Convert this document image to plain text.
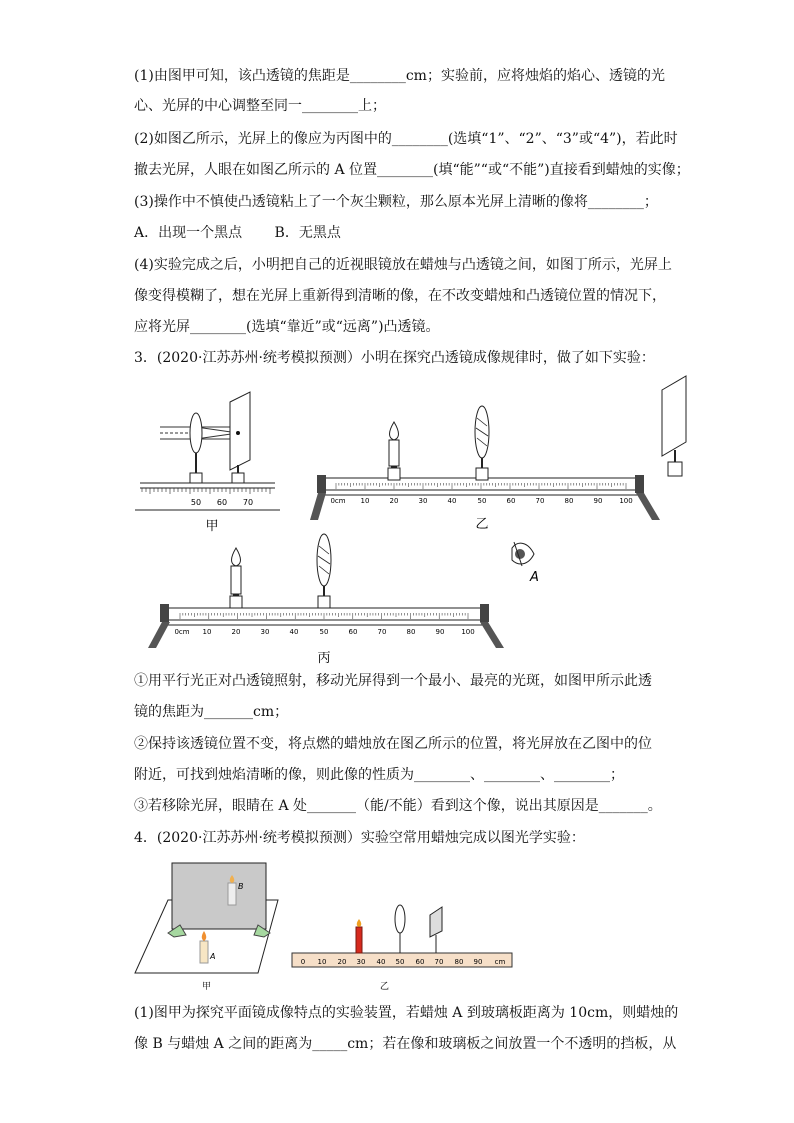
(1)由图甲可知，该凸透镜的焦距是________cm；实验前，应将烛焰的焰心、透镜的光
心、光屏的中心调整至同一________上；
(2)如图乙所示，光屏上的像应为丙图中的________(选填“1”、“2”、“3”或“4”)，若此时
撤去光屏，人眼在如图乙所示的 A 位置________(填“能”“或“不能”)直接看到蜡烛的实像；
(3)操作中不慎使凸透镜粘上了一个灰尘颗粒，那么原本光屏上清晰的像将________；
A．出现一个黑点　　 B．无黑点
(4)实验完成之后，小明把自己的近视眼镜放在蜡烛与凸透镜之间，如图丁所示，光屏上
像变得模糊了，想在光屏上重新得到清晰的像，在不改变蜡烛和凸透镜位置的情况下，
应将光屏________(选填“靠近”或“远离”)凸透镜。
3．(2020·江苏苏州·统考模拟预测）小明在探究凸透镜成像规律时，做了如下实验：
50 60 70
甲
0cm 10	20	30	40	50	60	70	80	90 100
乙
A
0cm 10	20	30	40	50	60	70	80	90 100
丙
①用平行光正对凸透镜照射，移动光屏得到一个最小、最亮的光斑，如图甲所示此透
镜的焦距为_______cm；
②保持该透镜位置不变，将点燃的蜡烛放在图乙所示的位置，将光屏放在乙图中的位
附近，可找到烛焰清晰的像，则此像的性质为________、________、________；
③若移除光屏，眼睛在 A 处_______（能/不能）看到这个像，说出其原因是_______。
4．(2020·江苏苏州·统考模拟预测）实验空常用蜡烛完成以图光学实验：
B
A
甲
0 10 20 30 40 50 60 70 80 90 cm
乙
(1)图甲为探究平面镜成像特点的实验装置，若蜡烛 A 到玻璃板距离为 10cm，则蜡烛的
像 B 与蜡烛 A 之间的距离为_____cm；若在像和玻璃板之间放置一个不透明的挡板，从
